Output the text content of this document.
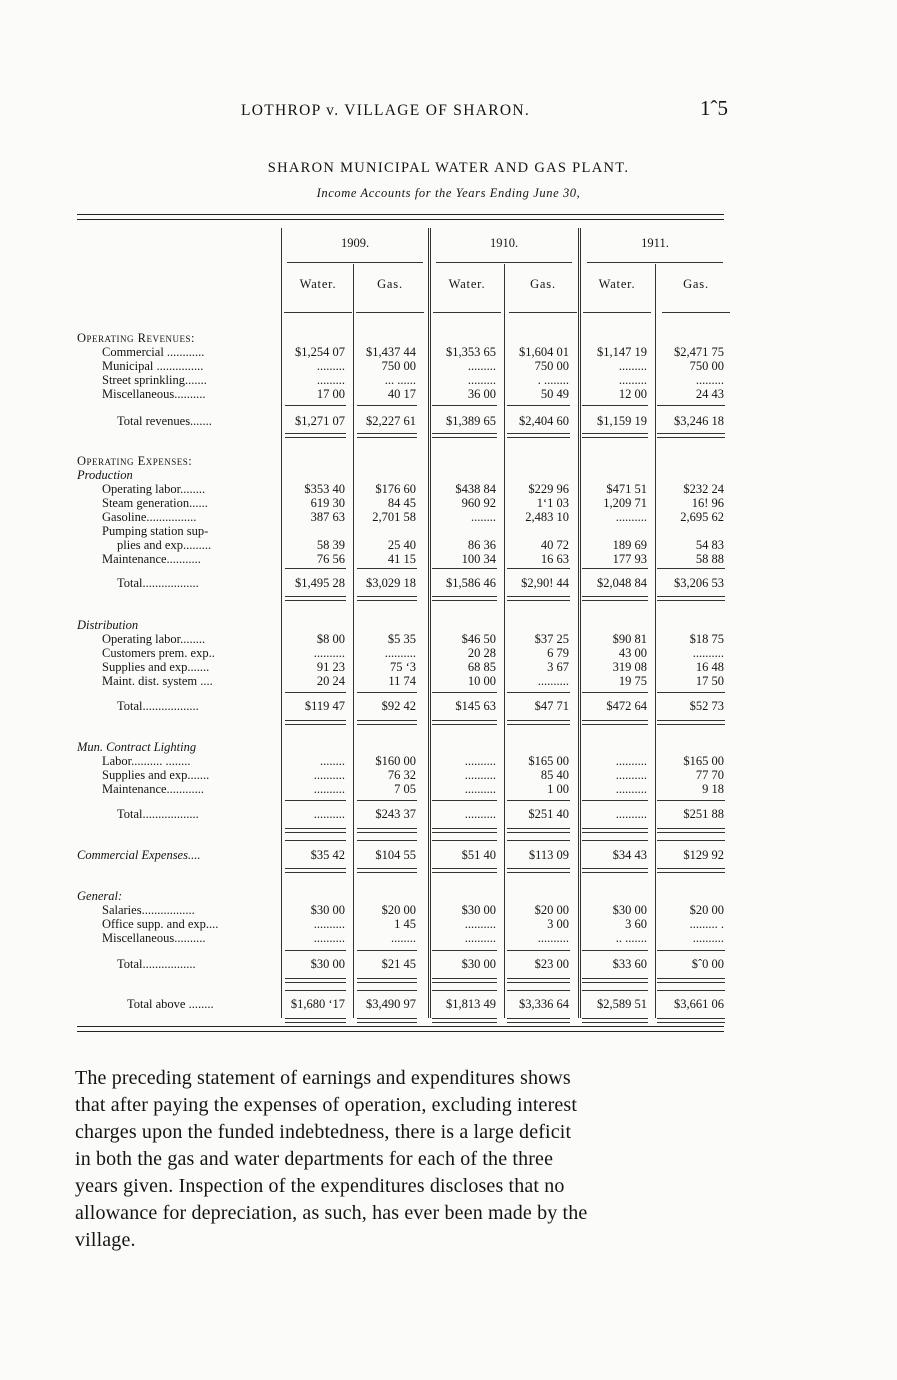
LOTHROP v. VILLAGE OF SHARON.	1ˆ5
SHARON MUNICIPAL WATER AND GAS PLANT.
Income Accounts for the Years Ending June 30,
1909.	1910.	1911.
Water.	Gas.	Water.	Gas.	Water.	Gas.
Operating Revenues:
Commercial ............	$1,254 07	$1,437 44	$1,353 65	$1,604 01	$1,147 19	$2,471 75
Municipal ...............	.........	750 00	.........	750 00	.........	750 00
Street sprinkling.......	.........	... ......	.........	. ........	.........	.........
Miscellaneous..........	17 00	40 17	36 00	50 49	12 00	24 43
Total revenues.......	$1,271 07	$2,227 61	$1,389 65	$2,404 60	$1,159 19	$3,246 18
Operating Expenses:
Production
Operating labor........	$353 40	$176 60	$438 84	$229 96	$471 51	$232 24
Steam generation......	619 30	84 45	960 92	1ʻ1 03	1,209 71	16! 96
Gasoline................	387 63	2,701 58	........	2,483 10	..........	2,695 62
Pumping station sup-
plies and exp.........	58 39	25 40	86 36	40 72	189 69	54 83
Maintenance...........	76 56	41 15	100 34	16 63	177 93	58 88
Total..................	$1,495 28	$3,029 18	$1,586 46	$2,90! 44	$2,048 84	$3,206 53
Distribution
Operating labor........	$8 00	$5 35	$46 50	$37 25	$90 81	$18 75
Customers prem. exp..	..........	..........	20 28	6 79	43 00	..........
Supplies and exp.......	91 23	75 ʻ3	68 85	3 67	319 08	16 48
Maint. dist. system ....	20 24	11 74	10 00	..........	19 75	17 50
Total..................	$119 47	$92 42	$145 63	$47 71	$472 64	$52 73
Mun. Contract Lighting
Labor.......... ........	........	$160 00	..........	$165 00	..........	$165 00
Supplies and exp.......	..........	76 32	..........	85 40	..........	77 70
Maintenance............	..........	7 05	..........	1 00	..........	9 18
Total..................	..........	$243 37	..........	$251 40	..........	$251 88
Commercial Expenses....	$35 42	$104 55	$51 40	$113 09	$34 43	$129 92
General:
Salaries.................	$30 00	$20 00	$30 00	$20 00	$30 00	$20 00
Office supp. and exp....	..........	1 45	..........	3 00	3 60	......... .
Miscellaneous..........	..........	........	..........	..........	.. .......	..........
Total.................	$30 00	$21 45	$30 00	$23 00	$33 60	$ˆ0 00
Total above ........	$1,680 ʻ17	$3,490 97	$1,813 49	$3,336 64	$2,589 51	$3,661 06
The preceding statement of earnings and expenditures shows
that after paying the expenses of operation, excluding interest
charges upon the funded indebtedness, there is a large deficit
in both the gas and water departments for each of the three
years given. Inspection of the expenditures discloses that no
allowance for depreciation, as such, has ever been made by the
village.
